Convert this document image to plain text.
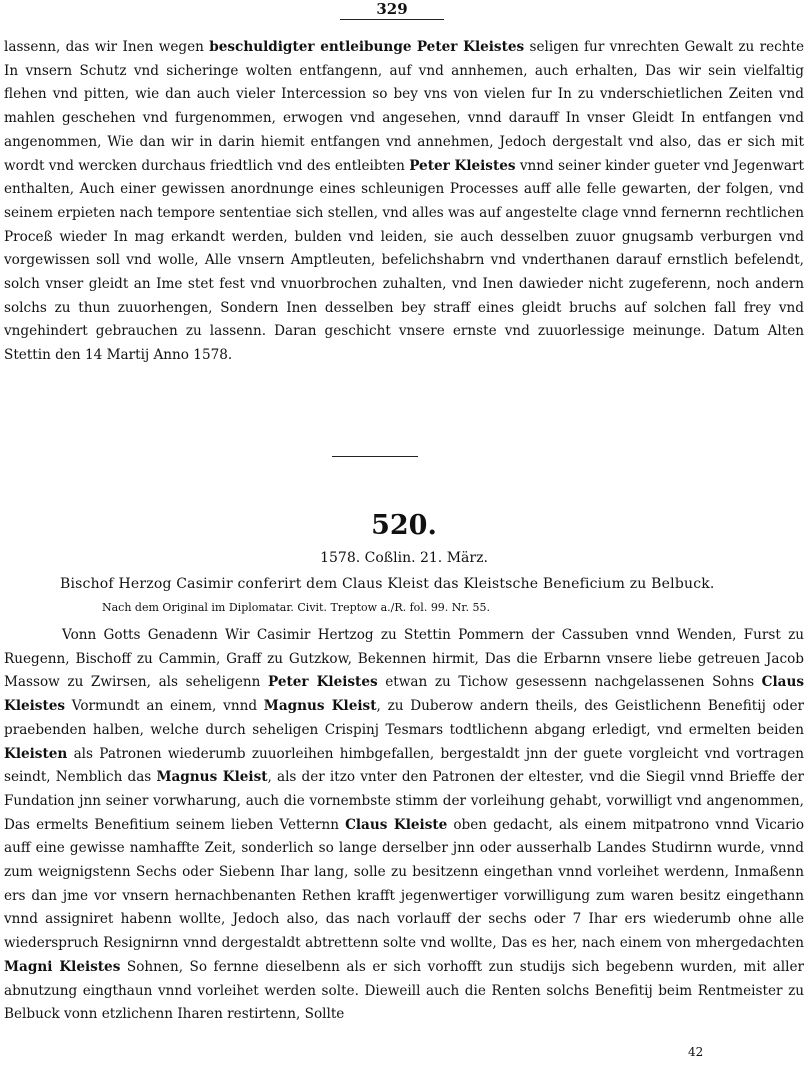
329
lassenn, das wir Inen wegen beschuldigter entleibunge Peter Kleistes seligen fur vnrechten Gewalt zu rechte In vnsern Schutz vnd sicheringe wolten entfangenn, auf vnd annhemen, auch erhalten, Das wir sein vielfaltig flehen vnd pitten, wie dan auch vieler Intercession so bey vns von vielen fur In zu vnderschietlichen Zeiten vnd mahlen geschehen vnd furgenommen, erwogen vnd angesehen, vnnd darauff In vnser Gleidt In entfangen vnd angenommen, Wie dan wir in darin hiemit entfangen vnd annehmen, Jedoch dergestalt vnd also, das er sich mit wordt vnd wercken durchaus friedtlich vnd des entleibten Peter Kleistes vnnd seiner kinder gueter vnd Jegenwart enthalten, Auch einer gewissen anordnunge eines schleunigen Processes auff alle felle gewarten, der folgen, vnd seinem erpieten nach tempore sententiae sich stellen, vnd alles was auf angestelte clage vnnd fernernn rechtlichen Proceß wieder In mag erkandt werden, bulden vnd leiden, sie auch desselben zuuor gnugsamb verburgen vnd vorgewissen soll vnd wolle, Alle vnsern Amptleuten, befelichshabrn vnd vnderthanen darauf ernstlich befelendt, solch vnser gleidt an Ime stet fest vnd vnuorbrochen zuhalten, vnd Inen dawieder nicht zugeferenn, noch andern solchs zu thun zuuorhengen, Sondern Inen desselben bey straff eines gleidt bruchs auf solchen fall frey vnd vngehindert gebrauchen zu lassenn. Daran geschicht vnsere ernste vnd zuuorlessige meinunge. Datum Alten Stettin den 14 Martij Anno 1578.
520.
1578. Coßlin. 21. März.
Bischof Herzog Casimir conferirt dem Claus Kleist das Kleistsche Beneficium zu Belbuck.
Nach dem Original im Diplomatar. Civit. Treptow a./R. fol. 99. Nr. 55.
Vonn Gotts Genadenn Wir Casimir Hertzog zu Stettin Pommern der Cassuben vnnd Wenden, Furst zu Ruegenn, Bischoff zu Cammin, Graff zu Gutzkow, Bekennen hirmit, Das die Erbarnn vnsere liebe getreuen Jacob Massow zu Zwirsen, als seheligenn Peter Kleistes etwan zu Tichow gesessenn nachgelassenen Sohns Claus Kleistes Vormundt an einem, vnnd Magnus Kleist, zu Duberow andern theils, des Geistlichenn Benefitij oder praebenden halben, welche durch seheligen Crispinj Tesmars todtlichenn abgang erledigt, vnd ermelten beiden Kleisten als Patronen wiederumb zuuorleihen himbgefallen, bergestaldt jnn der guete vorgleicht vnd vortragen seindt, Nemblich das Magnus Kleist, als der itzo vnter den Patronen der eltester, vnd die Siegil vnnd Brieffe der Fundation jnn seiner vorwharung, auch die vornembste stimm der vorleihung gehabt, vorwilligt vnd angenommen, Das ermelts Benefitium seinem lieben Vetternn Claus Kleiste oben gedacht, als einem mitpatrono vnnd Vicario auff eine gewisse namhaffte Zeit, sonderlich so lange derselber jnn oder ausserhalb Landes Studirnn wurde, vnnd zum weignigstenn Sechs oder Siebenn Ihar lang, solle zu besitzenn eingethan vnnd vorleihet werdenn, Inmaßenn ers dan jme vor vnsern hernachbenanten Rethen krafft jegenwertiger vorwilligung zum waren besitz eingethann vnnd assigniret habenn wollte, Jedoch also, das nach vorlauff der sechs oder 7 Ihar ers wiederumb ohne alle wiederspruch Resignirnn vnnd dergestaldt abtrettenn solte vnd wollte, Das es her, nach einem von mhergedachten Magni Kleistes Sohnen, So fernne dieselbenn als er sich vorhofft zun studijs sich begebenn wurden, mit aller abnutzung eingthaun vnnd vorleihet werden solte. Dieweill auch die Renten solchs Benefitij beim Rentmeister zu Belbuck vonn etzlichenn Iharen restirtenn, Sollte
42
